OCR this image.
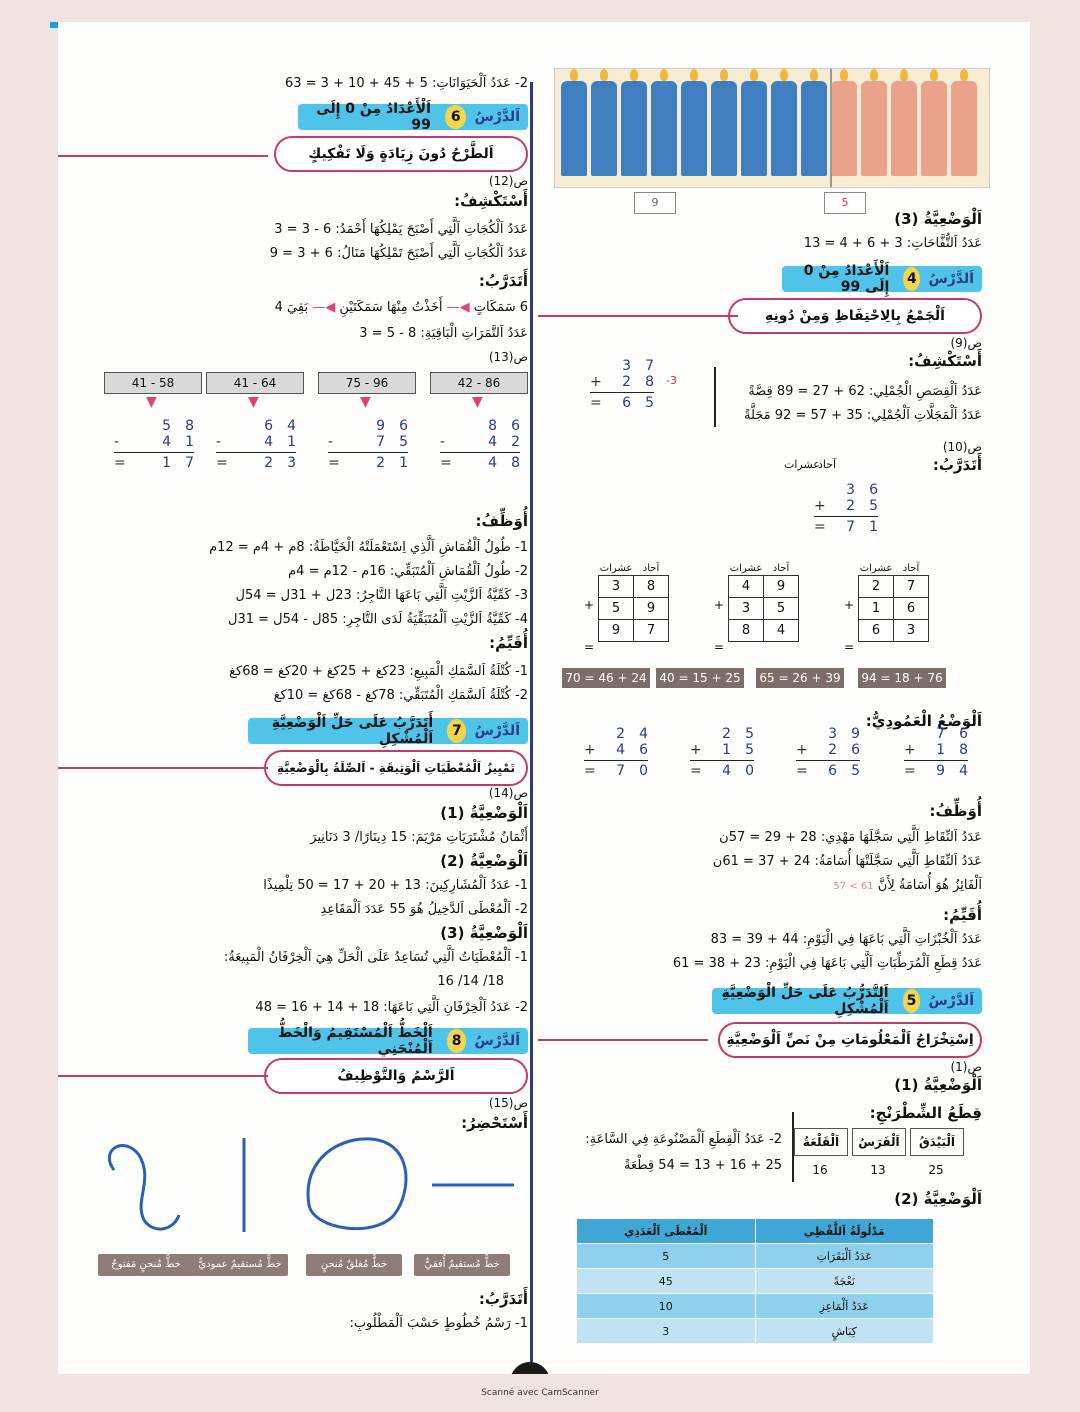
9	5
اَلْوَضْعِيَّةُ (3)
عَدَدُ اَلتُّفَّاحَاتِ: 3 + 6 + 4 = 13
اَلدَّرْسُ
4
اَلْأَعْدَادُ مِنْ 0 إِلَى 99
اَلْجَمْعُ بِالِاحْتِفَاظِ وَمِنْ دُونِهِ
ص(9)
أَسْتَكْشِفُ:
عَدَدُ اَلْقِصَصِ الْجُمْلِي: 62 + 27 = 89 قِصَّةً
عَدَدُ اَلْمَجَلَّاتِ اَلْجُمْلِي: 35 + 57 = 92 مَجَلَّةً
ص(10)
أَتَدَرَّبُ:
اَلْوَضْعُ الْعَمُودِيُّ:
أُوَظِّفُ:
عَدَدُ اَلنِّقَاطِ اَلَّتِي سَجَّلَهَا مَهْدِي: 28 + 29 = 57ن
عَدَدُ اَلنِّقَاطِ اَلَّتِي سَجَّلَتْهَا أُسَامَةُ: 24 + 37 = 61ن
اَلْفَائِزُ هُوَ أُسَامَةُ لِأَنَّ 61 > 57
أُقَيِّمُ:
عَدَدُ اَلْخُبْزَاتِ اَلَّتِي بَاعَهَا فِي الْيَوْمِ: 44 + 39 = 83
عَدَدُ قِطَعِ اَلْمُرَطِّبَاتِ اَلَّتِي بَاعَهَا فِي الْيَوْمِ: 23 + 38 = 61
اَلدَّرْسُ
5
اَلتَّدَرُّبُ عَلَى حَلِّ الْوَضْعِيَّةِ اَلْمُشْكِلِ
اِسْتِخْرَاجُ اَلْمَعْلُومَاتِ مِنْ نَصِّ اَلْوَضْعِيَّةِ
ص(1)
اَلْوَضْعِيَّةُ (1)
قِطَعُ الشِّطْرَنْجِ:
2- عَدَدُ اَلْقِطَعِ اَلْمَصْنُوعَةِ فِي السَّاعَةِ:
25 + 16 + 13 = 54 قِطْعَةً
اَلْوَضْعِيَّةُ (2)
-3
3 7
+ 2 8
= 6 5
آحاد
عشرات
3 6
+ 2 5
= 7 1
عشرات	آحاد
2	7
1	6
6	3
+
=
عشرات	آحاد
4	9
3	5
8	4
+
=
عشرات	آحاد
3	8
5	9
9	7
+
=
94 = 18 + 76
65 = 26 + 39
40 = 15 + 25
70 = 46 + 24
7 6
+ 1 8
= 9 4
3 9
+ 2 6
= 6 5
2 5
+ 1 5
= 4 0
2 4
+ 4 6
= 7 0
اَلْبَيْدَقُ
25
اَلْفَرَسُ
13
اَلْقَلْعَةُ
16
مَدْلُولَةُ اَللَّفْظِي	اَلْمُعْطَى اَلْعَدَدِي
عَدَدُ اَلْبَقَرَاتِ	5
نَعْجَةً	45
عَدَدُ اَلْمَاعِزِ	10
كِبَاشٍ	3
2- عَدَدُ اَلْحَيَوَانَاتِ: 5 + 45 + 10 + 3 = 63
اَلدَّرْسُ
6
اَلْأَعْدَادُ مِنْ 0 إِلَى 99
اَلطَّرْحُ دُونَ زِيَادَةٍ وَلَا تَفْكِيكٍ
ص(12)
أَسْتَكْشِفُ:
عَدَدُ اَلْكُجَاتِ اَلَّتِي أَصْبَحَ يَمْلِكُهَا أَحْمَدُ: 6 - 3 = 3
عَدَدُ اَلْكُجَاتِ اَلَّتِي أَصْبَحَ تَمْلِكُهَا مَنَالُ: 6 + 3 = 9
أَتَدَرَّبُ:
6 سَمَكَاتٍ ◀— أَخَذْتُ مِنْهَا سَمَكَتَيْنِ ◀— بَقِيَ 4
عَدَدُ اَلتَّمَرَاتِ الْبَاقِيَةِ: 8 - 5 = 3
ص(13)
أُوَظِّفُ:
1- طُولُ اَلْقُمَاشِ اَلَّذِي اِسْتَعْمَلَتْهُ الْخَيَّاطَةُ: 8م + 4م = 12م
2- طُولُ اَلْقُمَاشِ اَلْمُتَبَقِّي: 16م - 12م = 4م
3- كَمِّيَّةُ اَلزَّيْتِ اَلَّتِي بَاعَهَا التَّاجِرُ: 23ل + 31ل = 54ل
4- كَمِّيَّةُ اَلزَّيْتِ اَلْمُتَبَقِّيَةُ لَدَى التَّاجِرِ: 85ل - 54ل = 31ل
أُقَيِّمُ:
1- كُتْلَةُ اَلسَّمَكِ الْمَبِيعِ: 23كغ + 25كغ + 20كغ = 68كغ
2- كُتْلَةُ اَلسَّمَكِ الْمُتَبَقِّي: 78كغ - 68كغ = 10كغ
اَلدَّرْسُ
7
أَتَدَرَّبُ عَلَى حَلِّ اَلْوَضْعِيَّةِ اَلْمُشْكِلِ
تَمْيِيزُ اَلْمُعْطَيَاتِ اَلْوَثِيقَةِ - اَلصِّلَةُ بِالْوَضْعِيَّةِ
ص(14)
اَلْوَضْعِيَّةُ (1)
أَثْمَانُ مُشْتَرَيَاتِ مَرْيَمَ: 15 دِينَارًا/ 3 دَنَانِيرَ
اَلْوَضْعِيَّةُ (2)
1- عَدَدُ اَلْمُشَارِكِينَ: 13 + 20 + 17 = 50 تِلْمِيذًا
2- اَلْمُعْطَى اَلدَّخِيلُ هُوَ 55 عَدَدَ اَلْمَقَاعِدِ
اَلْوَضْعِيَّةُ (3)
1- اَلْمُعْطَيَاتُ اَلَّتِي تُسَاعِدُ عَلَى الْحَلِّ هِيَ اَلْخِرْفَانُ الْمَبِيعَةُ:
18/ 14/ 16
2- عَدَدُ اَلْخِرْفَانِ اَلَّتِي بَاعَهَا: 18 + 14 + 16 = 48
اَلدَّرْسُ
8
اَلْخَطُّ اَلْمُسْتَقِيمُ وَالْخَطُّ اَلْمُنْحَنِي
اَلرَّسْمُ وَالتَّوْظِيفُ
ص(15)
أَسْتَحْضِرُ:
أَتَدَرَّبُ:
1- رَسْمُ خُطُوطٍ حَسْبَ اَلْمَطْلُوبِ:
42 - 86
▼
75 - 96
▼
41 - 64
▼
41 - 58
▼
8 6
-	4 2
=	4 8
9 6
-	7 5
=	2 1
6 4
-	4 1
=	2 3
5 8
-	4 1
=	1 7
خطٌّ مُستقيمٌ أُفقيٌّ
خطٌّ مُغلقٌ مُنحنٍ
خطٌّ مُستقيمٌ عموديٌّ
خطٌّ مُنحنٍ مَفتوحٌ
Scanné avec CamScanner
